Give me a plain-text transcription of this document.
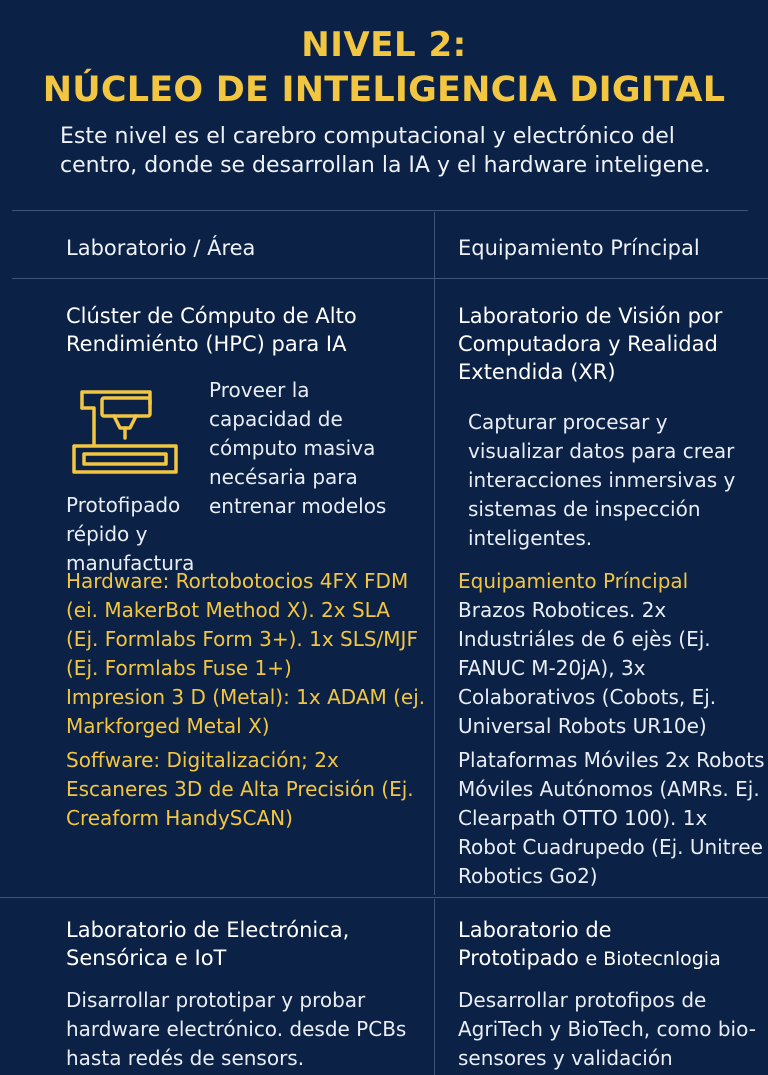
NIVEL 2:
NÚCLEO DE INTELIGENCIA DIGITAL
Este nivel es el carebro computacional y electrónico del centro, donde se desarrollan la IA y el hardware inteligene.
Laboratorio / Área	Equipamiento Príncipal
Clúster de Cómputo de Alto Rendimiénto (HPC) para IA
Proveer la capacidad de cómputo masiva necésaria para entrenar modelos
Protofipado répido y manufactura
Hardware: Rortobotocios 4FX FDM (ei. MakerBot Method X). 2x SLA (Ej. Formlabs Form 3+). 1x SLS/MJF (Ej. Formlabs Fuse 1+)
Impresion 3 D (Metal): 1x ADAM (ej. Markforged Metal X)
Soffware: Digitalización; 2x Escaneres 3D de Alta Precisión (Ej. Creaform HandySCAN)
Laboratorio de Visión por Computadora y Realidad Extendida (XR)
Capturar procesar y visualizar datos para crear interacciones inmersivas y sistemas de inspección inteligentes.
Equipamiento Príncipal
Brazos Robotices. 2x Industriáles de 6 ejès (Ej. FANUC M-20jA), 3x Colaborativos (Cobots, Ej. Universal Robots UR10e)
Plataformas Móviles 2x Robots Móviles Autónomos (AMRs. Ej. Clearpath OTTO 100). 1x Robot Cuadrupedo (Ej. Unitree Robotics Go2)
Laboratorio de Electrónica, Sensórica e IoT
Disarrollar prototipar y probar hardware electrónico. desde PCBs hasta redés de sensors.
Laboratorio de
Prototipado e Biotecnlogia
Desarrollar protofipos de AgriTech y BioTech, como bio-sensores y validación
